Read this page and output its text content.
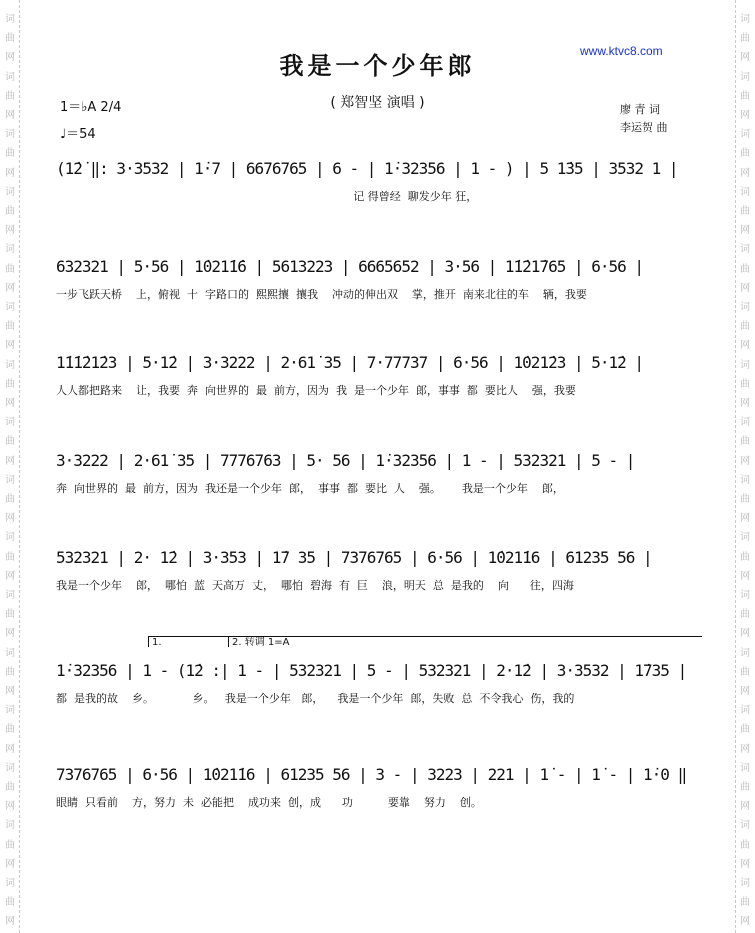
词
曲
网
词
曲
网
词
曲
网
词
曲
网
词
曲
网
词
曲
网
词
曲
网
词
曲
网
词
曲
网
词
曲
网
词
曲
网
词
曲
网
词
曲
网
词
曲
网
词
曲
网
词
曲
网
词
曲
网
词
曲
网
词
曲
网
词
曲
网
词
曲
网
词
曲
网
词
曲
网
词
曲
网
词
曲
网
词
曲
网
词
曲
网
词
曲
网
词
曲
网
词
曲
网
词
曲
网
词
曲
网
我是一个少年郎	www.ktvc8.com
( 郑智坚 演唱 )	廖 青 词
李运贺 曲
1＝♭A 2/4
♩＝54
(1̇2̇ ‖: 3·3532 | 1̇·7 | 6676765 | 6 - | 1̇·32356 | 1 - ) | 5 1̇35 | 3532 1 |
记 得曾经  聊发少年 狂，
632321 | 5·56 | 1̇021̇1̇6 | 5613223 | 6665652 | 3·56 | 1̇1̇21̇765 | 6·56 |
一步飞跃天桥    上，俯视  十  字路口的  熙熙攘  攘我    冲动的伸出双    掌，推开  南来北往的车    辆，我要
1̇1̇1̇21̇23 | 5·1̇2 | 3·3222 | 2·61̇ 35 | 7·77737 | 6·56 | 1̇021̇23 | 5·1̇2 |
人人都把路来    让，我要  奔  向世界的  最  前方，因为  我  是一个少年  郎，事事  都  要比人    强，我要
3·3222 | 2·61̇ 35 | 7776763 | 5· 56 | 1̇·32356 | 1 - | 532321 | 5 - |
奔  向世界的  最  前方，因为  我还是一个少年  郎，  事事  都  要比  人    强。      我是一个少年    郎，
532321 | 2· 1̇2 | 3·353 | 1̇7 35 | 7376765 | 6·56 | 1̇021̇16 | 61235 56 |
我是一个少年    郎，  哪怕  蓝  天高万  丈，  哪怕  碧海  有  巨    浪，明天  总  是我的    向      往，四海
1.	2. 转调 1=A
1̇·32356 | 1 - (1̇2 :| 1 - | 532321 | 5 - | 532321 | 2·1̇2 | 3·3532 | 1̇735 |
都  是我的故    乡。           乡。   我是一个少年   郎，    我是一个少年  郎，失败  总  不令我心  伤，我的
7376765 | 6·56 | 1̇021̇16 | 61235 56 | 3 - | 3223 | 221 | 1̇ - | 1̇ - | 1̇·0 ‖
眼睛  只看前    方，努力  未  必能把    成功来  创，成      功          要靠    努力    创。
